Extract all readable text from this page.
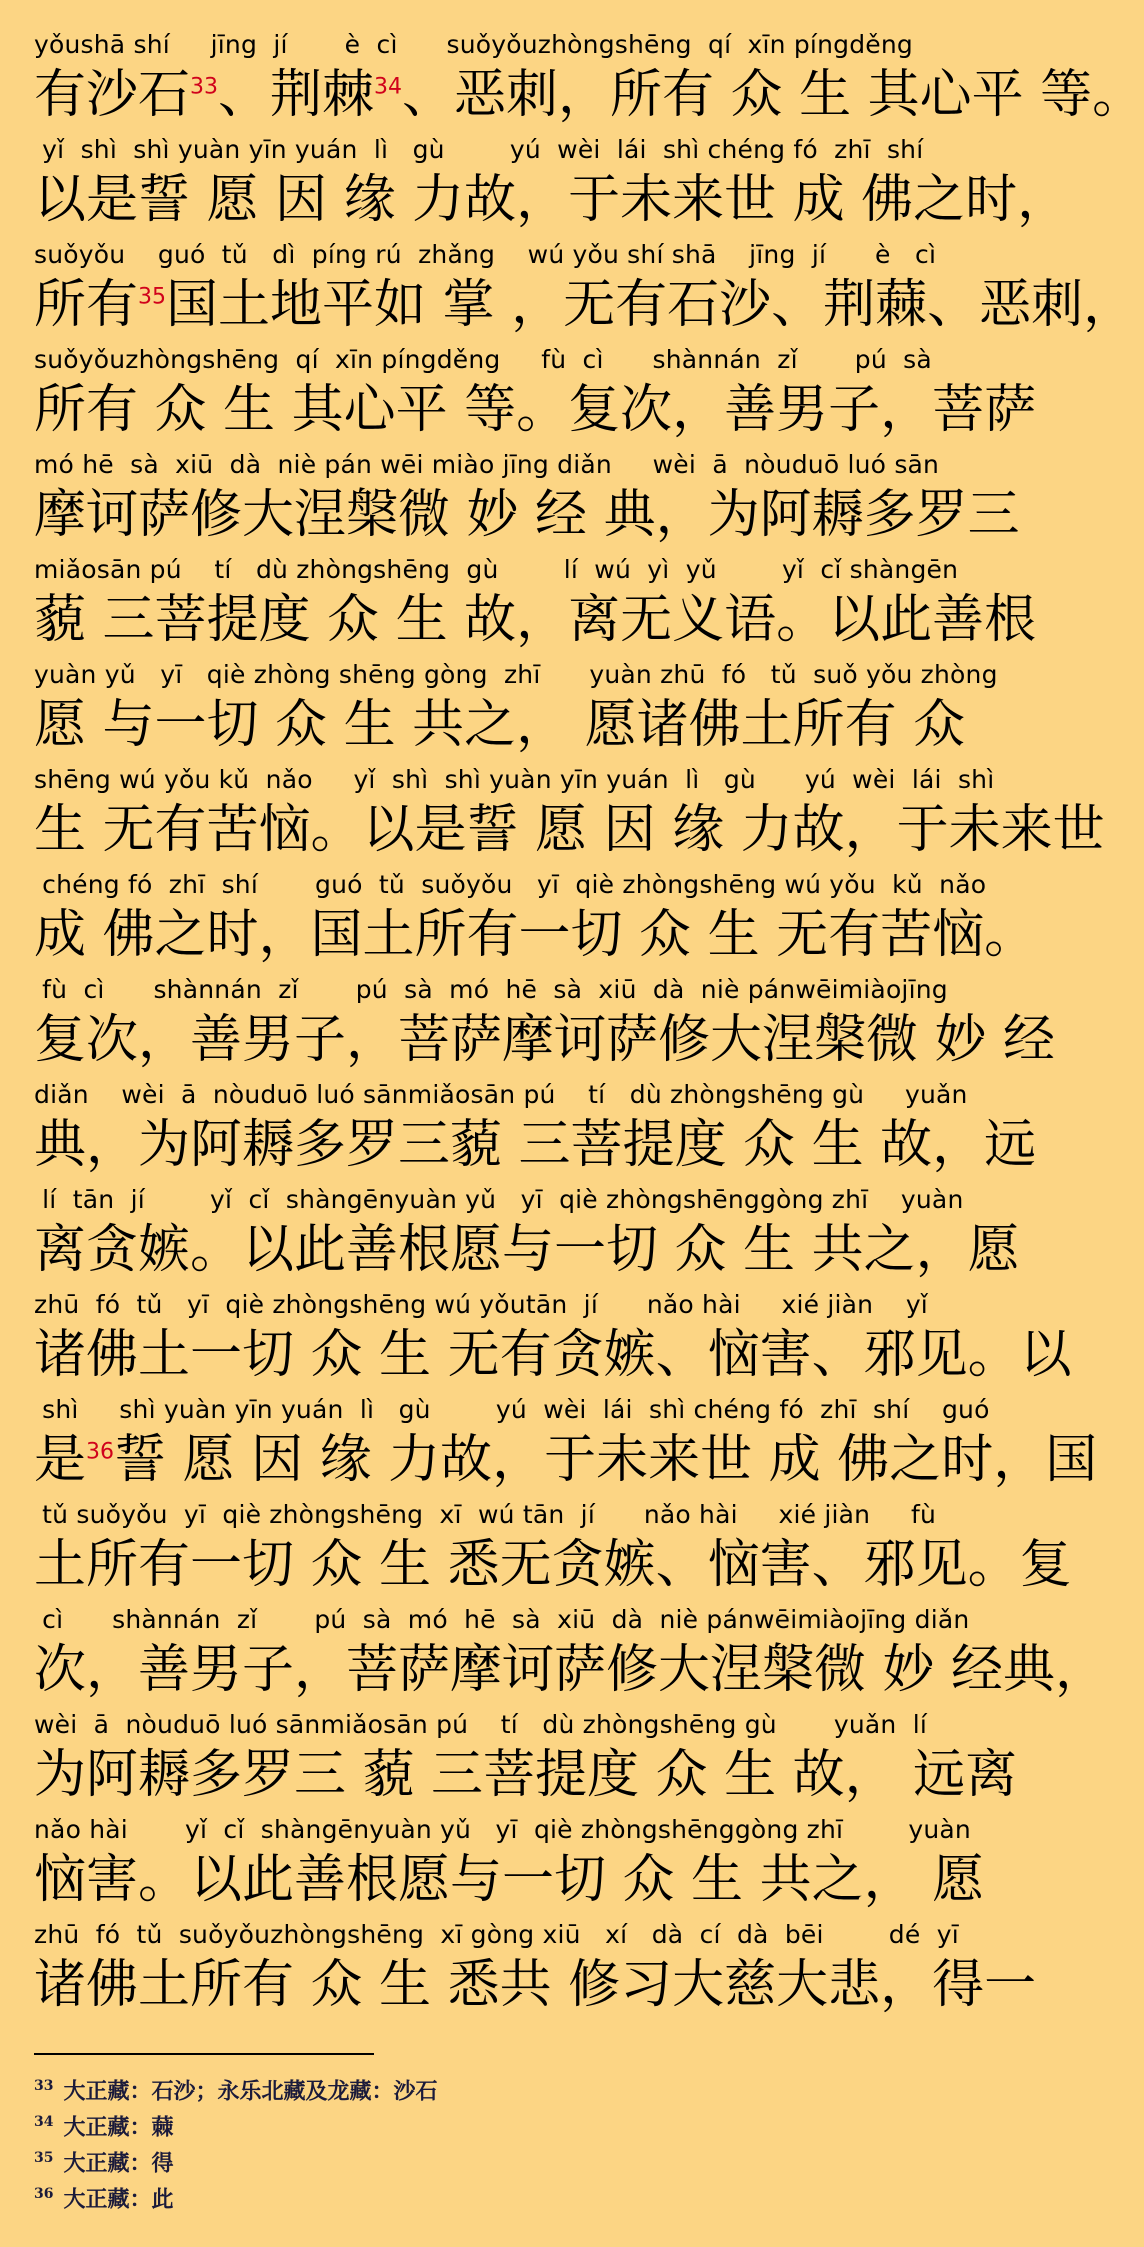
yǒushā shí     jīng  jí       è  cì      suǒyǒuzhòngshēng  qí  xīn píngděng
有沙石$^{33}$、荆棘$^{34}$、恶刺，所有 众 生 其心平 等。
yǐ  shì  shì yuàn yīn yuán  lì   gù        yú  wèi  lái  shì chéng fó  zhī  shí
以是誓 愿 因 缘 力故，于未来世 成 佛之时，
suǒyǒu    guó  tǔ   dì  píng rú  zhǎng    wú yǒu shí shā    jīng  jí      è   cì
所有$^{35}$国土地平如 掌 ，无有石沙、荆蕀、恶刺，
suǒyǒuzhòngshēng  qí  xīn píngděng     fù  cì      shànnán  zǐ       pú  sà
所有 众 生 其心平 等。复次，善男子，菩萨
mó hē  sà  xiū  dà  niè pán wēi miào jīng diǎn     wèi  ā  nòuduō luó sān
摩诃萨修大涅槃微 妙 经 典，为阿耨多罗三
miǎosān pú    tí   dù zhòngshēng  gù        lí  wú  yì  yǔ        yǐ  cǐ shàngēn
藐 三菩提度 众 生 故，离无义语。以此善根
yuàn yǔ   yī   qiè zhòng shēng gòng  zhī      yuàn zhū  fó   tǔ  suǒ yǒu zhòng
愿 与一切 众 生 共之， 愿诸佛土所有 众
shēng wú yǒu kǔ  nǎo     yǐ  shì  shì yuàn yīn yuán  lì   gù      yú  wèi  lái  shì
生 无有苦恼。以是誓 愿 因 缘 力故，于未来世
chéng fó  zhī  shí       guó  tǔ  suǒyǒu   yī  qiè zhòngshēng wú yǒu  kǔ  nǎo
成 佛之时，国土所有一切 众 生 无有苦恼。
fù  cì      shànnán  zǐ       pú  sà  mó  hē  sà  xiū  dà  niè pánwēimiàojīng
复次，善男子，菩萨摩诃萨修大涅槃微 妙 经
diǎn    wèi  ā  nòuduō luó sānmiǎosān pú    tí   dù zhòngshēng gù     yuǎn
典，为阿耨多罗三藐 三菩提度 众 生 故，远
lí  tān  jí        yǐ  cǐ  shàngēnyuàn yǔ   yī  qiè zhòngshēnggòng zhī    yuàn
离贪嫉。以此善根愿与一切 众 生 共之，愿
zhū  fó  tǔ   yī  qiè zhòngshēng wú yǒutān  jí      nǎo hài     xié jiàn    yǐ
诸佛土一切 众 生 无有贪嫉、恼害、邪见。以
shì     shì yuàn yīn yuán  lì   gù        yú  wèi  lái  shì chéng fó  zhī  shí    guó
是$^{36}$誓 愿 因 缘 力故，于未来世 成 佛之时，国
tǔ suǒyǒu  yī  qiè zhòngshēng  xī  wú tān  jí      nǎo hài     xié jiàn     fù
土所有一切 众 生 悉无贪嫉、恼害、邪见。复
cì      shànnán  zǐ       pú  sà  mó  hē  sà  xiū  dà  niè pánwēimiàojīng diǎn
次，善男子，菩萨摩诃萨修大涅槃微 妙 经典，
wèi  ā  nòuduō luó sānmiǎosān pú    tí   dù zhòngshēng gù       yuǎn  lí
为阿耨多罗三 藐 三菩提度 众 生 故， 远离
nǎo hài       yǐ  cǐ  shàngēnyuàn yǔ   yī  qiè zhòngshēnggòng zhī        yuàn
恼害。以此善根愿与一切 众 生 共之， 愿
zhū  fó  tǔ  suǒyǒuzhòngshēng  xī gòng xiū   xí   dà  cí  dà  bēi        dé  yī
诸佛土所有 众 生 悉共 修习大慈大悲，得一
$^{33}$ 大正藏：石沙；永乐北藏及龙藏：沙石
$^{34}$ 大正藏：蕀
$^{35}$ 大正藏：得
$^{36}$ 大正藏：此
